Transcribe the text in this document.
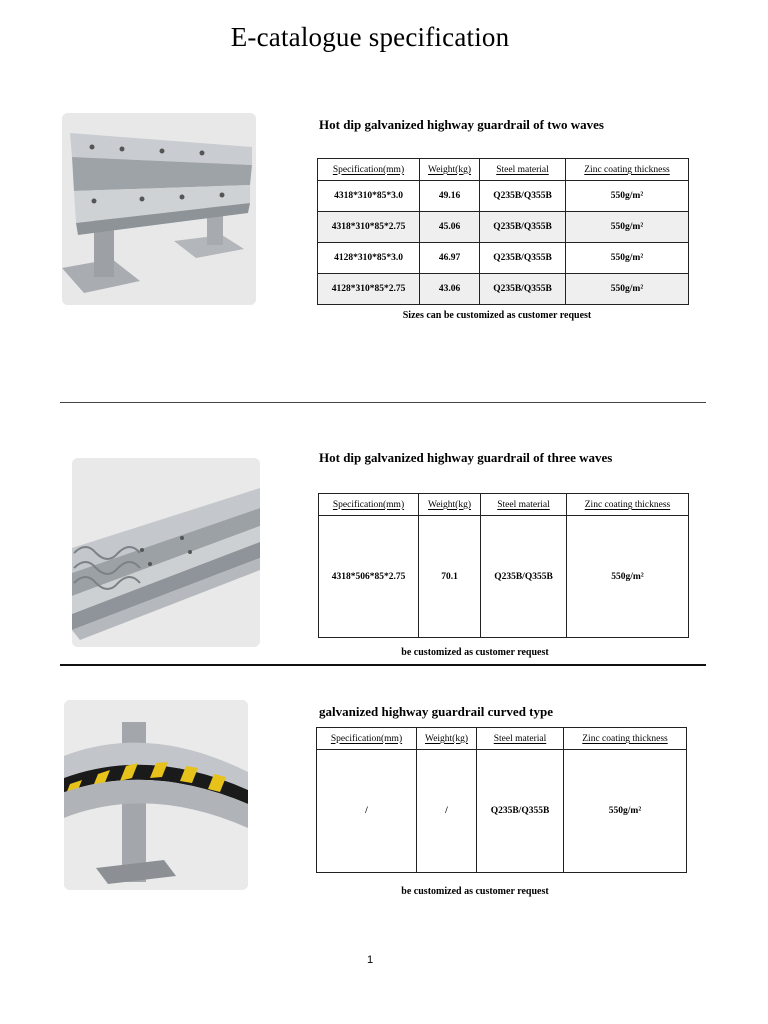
E-catalogue specification
Hot dip galvanized highway guardrail of two waves
Specification(mm)	Weight(kg)	Steel material	Zinc coating thickness
4318*310*85*3.0	49.16	Q235B/Q355B	550g/m²
4318*310*85*2.75	45.06	Q235B/Q355B	550g/m²
4128*310*85*3.0	46.97	Q235B/Q355B	550g/m²
4128*310*85*2.75	43.06	Q235B/Q355B	550g/m²
Sizes can be customized as customer request
Hot dip galvanized highway guardrail of three waves
Specification(mm)	Weight(kg)	Steel material	Zinc coating thickness
4318*506*85*2.75	70.1	Q235B/Q355B	550g/m²
be customized as customer request
galvanized highway guardrail curved type
Specification(mm)	Weight(kg)	Steel material	Zinc coating thickness
/	/	Q235B/Q355B	550g/m²
be customized as customer request
1
